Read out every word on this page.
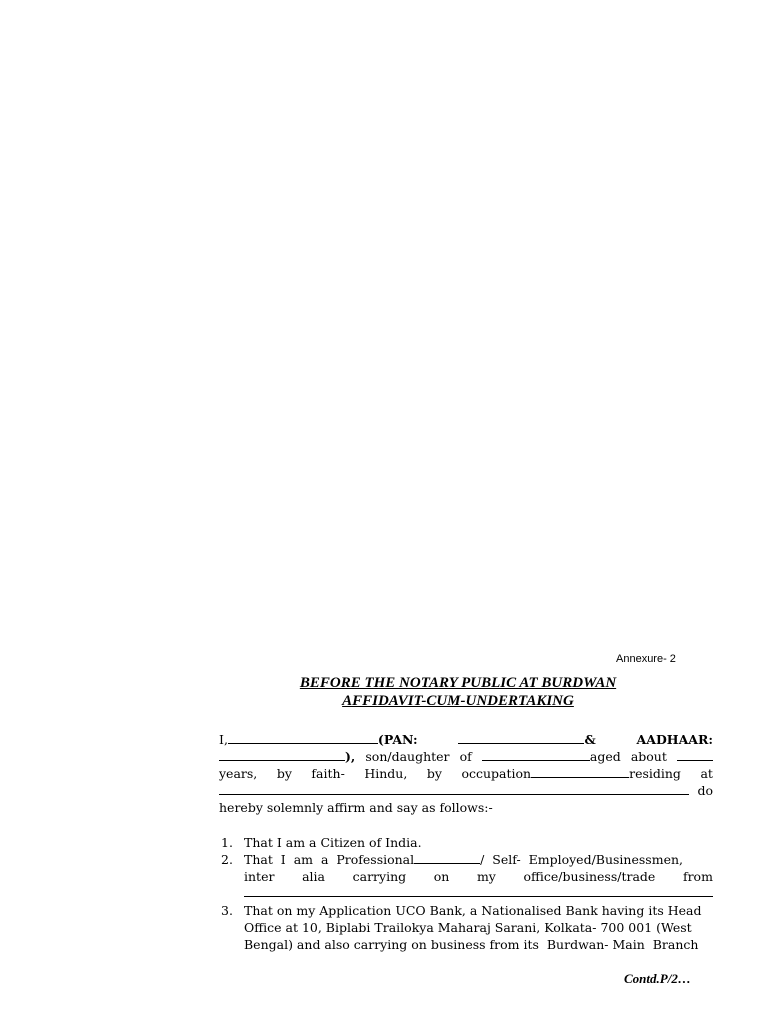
Annexure- 2
BEFORE THE NOTARY PUBLIC AT BURDWAN
AFFIDAVIT-CUM-UNDERTAKING
I,	(PAN:	&	AADHAAR:
), son/daughter of	aged about
years, by faith- Hindu, by occupation	residing at
do
hereby solemnly affirm and say as follows:-
1. That I am a Citizen of India.
2. That  I  am  a  Professional	/  Self-  Employed/Businessmen,
inter alia carrying on my office/business/trade from
3. That on my Application UCO Bank, a Nationalised Bank having its Head
Office at 10, Biplabi Trailokya Maharaj Sarani, Kolkata- 700 001 (West
Bengal) and also carrying on business from its  Burdwan- Main  Branch
Contd.P/2…
